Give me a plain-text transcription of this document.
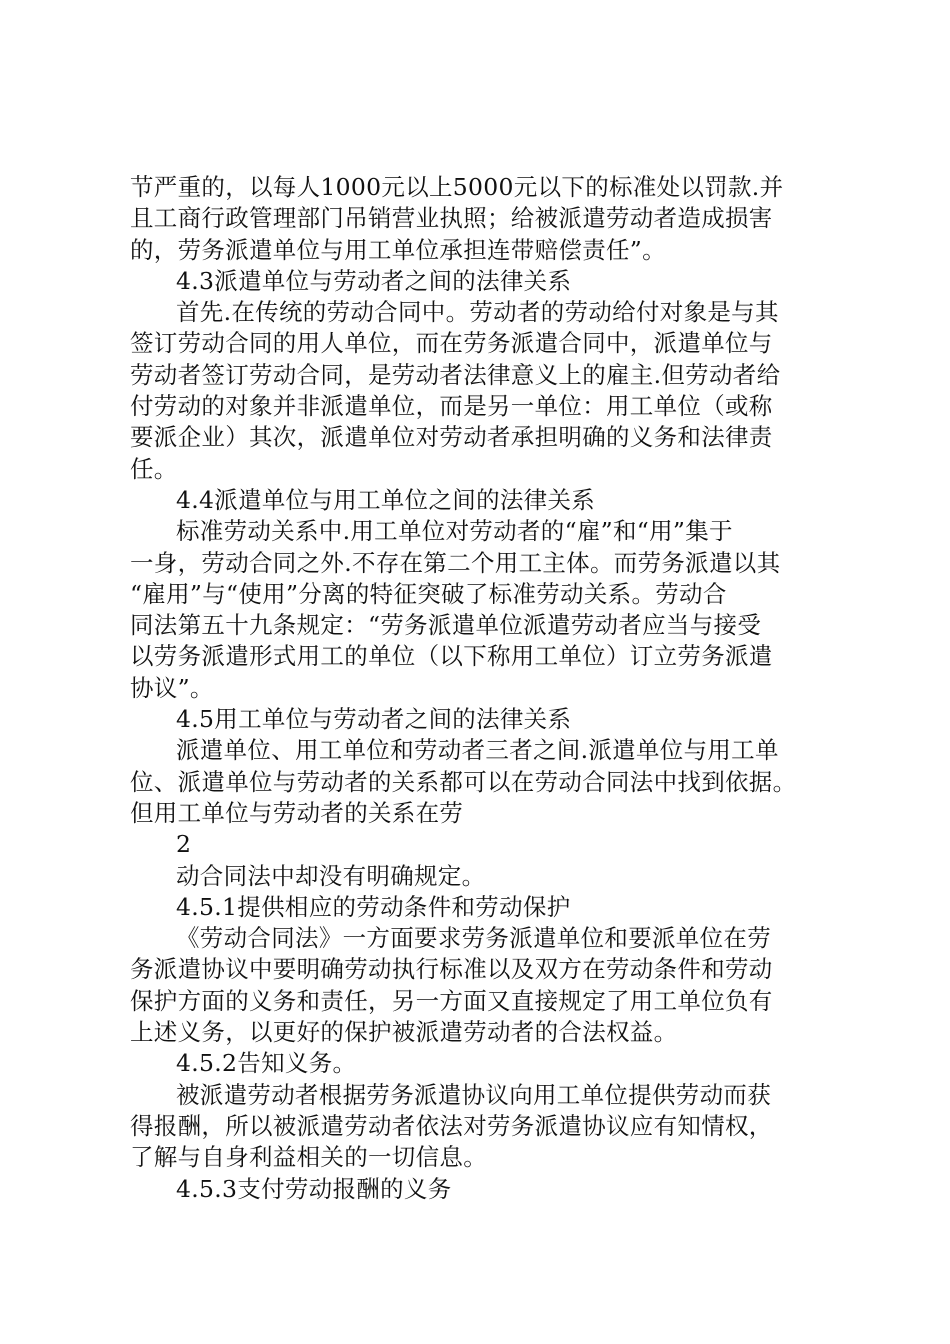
节严重的，以每人1000元以上5000元以下的标准处以罚款.并
且工商行政管理部门吊销营业执照；给被派遣劳动者造成损害
的，劳务派遣单位与用工单位承担连带赔偿责任”。
4.3派遣单位与劳动者之间的法律关系
首先.在传统的劳动合同中。劳动者的劳动给付对象是与其
签订劳动合同的用人单位，而在劳务派遣合同中，派遣单位与
劳动者签订劳动合同，是劳动者法律意义上的雇主.但劳动者给
付劳动的对象并非派遣单位，而是另一单位：用工单位（或称
要派企业）其次，派遣单位对劳动者承担明确的义务和法律责
任。
4.4派遣单位与用工单位之间的法律关系
标准劳动关系中.用工单位对劳动者的“雇”和“用”集于
一身，劳动合同之外.不存在第二个用工主体。而劳务派遣以其
“雇用”与“使用”分离的特征突破了标准劳动关系。劳动合
同法第五十九条规定：“劳务派遣单位派遣劳动者应当与接受
以劳务派遣形式用工的单位（以下称用工单位）订立劳务派遣
协议”。
4.5用工单位与劳动者之间的法律关系
派遣单位、用工单位和劳动者三者之间.派遣单位与用工单
位、派遣单位与劳动者的关系都可以在劳动合同法中找到依据。
但用工单位与劳动者的关系在劳
2
动合同法中却没有明确规定。
4.5.1提供相应的劳动条件和劳动保护
《劳动合同法》一方面要求劳务派遣单位和要派单位在劳
务派遣协议中要明确劳动执行标准以及双方在劳动条件和劳动
保护方面的义务和责任，另一方面又直接规定了用工单位负有
上述义务，以更好的保护被派遣劳动者的合法权益。
4.5.2告知义务。
被派遣劳动者根据劳务派遣协议向用工单位提供劳动而获
得报酬，所以被派遣劳动者依法对劳务派遣协议应有知情权，
了解与自身利益相关的一切信息。
4.5.3支付劳动报酬的义务
